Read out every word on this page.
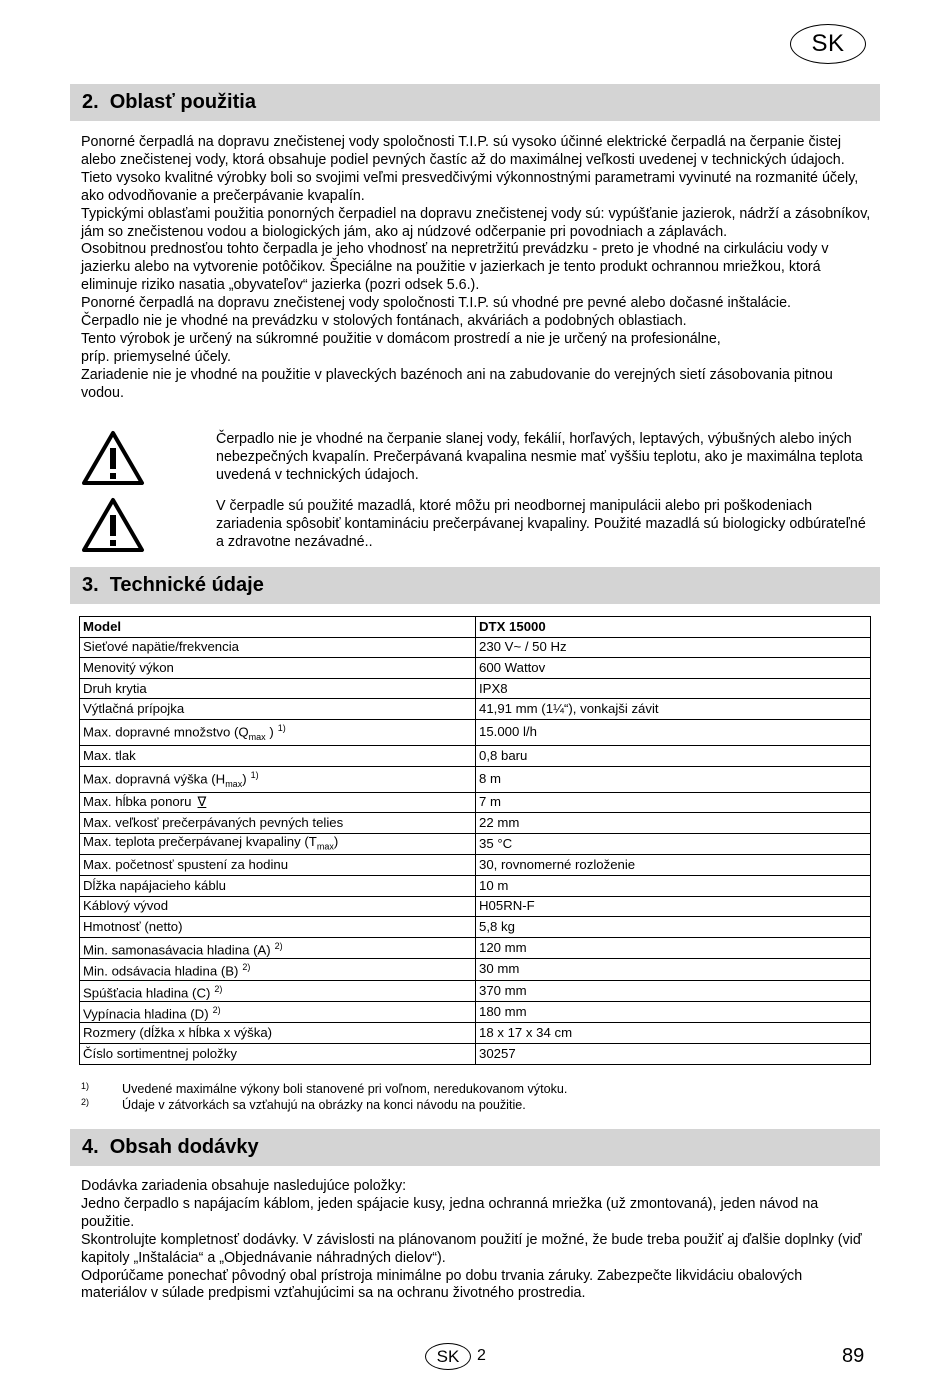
SK
2. Oblasť použitia

Ponorné čerpadlá na dopravu znečistenej vody spoločnosti T.I.P. sú vysoko účinné elektrické čerpadlá na čerpanie čistej alebo znečistenej vody, ktorá obsahuje podiel pevných častíc až do maximálnej veľkosti uvedenej v technických údajoch. Tieto vysoko kvalitné výrobky boli so svojimi veľmi presvedčivými výkonnostnými parametrami vyvinuté na rozmanité účely, ako odvodňovanie a prečerpávanie kvapalín.

Typickými oblasťami použitia ponorných čerpadiel na dopravu znečistenej vody sú: vypúšťanie jazierok, nádrží a zásobníkov, jám so znečistenou vodou a biologických jám, ako aj núdzové odčerpanie pri povodniach a záplavách.

Osobitnou prednosťou tohto čerpadla je jeho vhodnosť na nepretržitú prevádzku - preto je vhodné na cirkuláciu vody v jazierku alebo na vytvorenie potôčikov. Špeciálne na použitie v jazierkach je tento produkt ochrannou mriežkou, ktorá eliminuje riziko nasatia „obyvateľov“ jazierka (pozri odsek 5.6.).

Ponorné čerpadlá na dopravu znečistenej vody spoločnosti T.I.P. sú vhodné pre pevné alebo dočasné inštalácie.

Čerpadlo nie je vhodné na prevádzku v stolových fontánach, akváriách a podobných oblastiach.

Tento výrobok je určený na súkromné použitie v domácom prostredí a nie je určený na profesionálne,

príp. priemyselné účely.

Zariadenie nie je vhodné na použitie v plaveckých bazénoch ani na zabudovanie do verejných sietí zásobovania pitnou vodou.

Čerpadlo nie je vhodné na čerpanie slanej vody, fekálií, horľavých, leptavých, výbušných alebo iných nebezpečných kvapalín. Prečerpávaná kvapalina nesmie mať vyššiu teplotu, ako je maximálna teplota uvedená v technických údajoch.

V čerpadle sú použité mazadlá, ktoré môžu pri neodbornej manipulácii alebo pri poškodeniach zariadenia spôsobiť kontamináciu prečerpávanej kvapaliny. Použité mazadlá sú biologicky odbúrateľné a zdravotne nezávadné..

3. Technické údaje
Model	DTX 15000
Sieťové napätie/frekvencia	230 V~ / 50 Hz
Menovitý výkon	600 Wattov
Druh krytia	IPX8
Výtlačná prípojka	41,91 mm (1¼“), vonkajši závit
Max. dopravné množstvo ($Q_{max}$ ) $^{1)}$	15.000 l/h
Max. tlak	0,8 baru
Max. dopravná výška $(H_{max})$ $^{1)}$	8 m
Max. hĺbka ponoru ∇	7 m
Max. veľkosť prečerpávaných pevných telies	22 mm
Max. teplota prečerpávanej kvapaliny $(T_{max})$	35 °C
Max. početnosť spustení za hodinu	30, rovnomerné rozloženie
Dĺžka napájacieho káblu	10 m
Káblový vývod	H05RN-F
Hmotnosť (netto)	5,8 kg
Min. samonasávacia hladina (A) $^{2)}$	120 mm
Min. odsávacia hladina (B) $^{2)}$	30 mm
Spúšťacia hladina (C) $^{2)}$	370 mm
Vypínacia hladina (D) $^{2)}$	180 mm
Rozmery (dĺžka x hĺbka x výška)	18 x 17 x 34 cm
Číslo sortimentnej položky	30257
1)	Uvedené maximálne výkony boli stanovené pri voľnom, neredukovanom výtoku.
2)	Údaje v zátvorkách sa vzťahujú na obrázky na konci návodu na použitie.
4. Obsah dodávky

Dodávka zariadenia obsahuje nasledujúce položky:

Jedno čerpadlo s napájacím káblom, jeden spájacie kusy, jedna ochranná mriežka (už zmontovaná), jeden návod na použitie.

Skontrolujte kompletnosť dodávky. V závislosti na plánovanom použití je možné, že bude treba použiť aj ďalšie doplnky (viď kapitoly „Inštalácia“ a „Objednávanie náhradných dielov“).

Odporúčame ponechať pôvodný obal prístroja minimálne po dobu trvania záruky. Zabezpečte likvidáciu obalových materiálov v súlade predpismi vzťahujúcimi sa na ochranu životného prostredia.

SK	2	89
